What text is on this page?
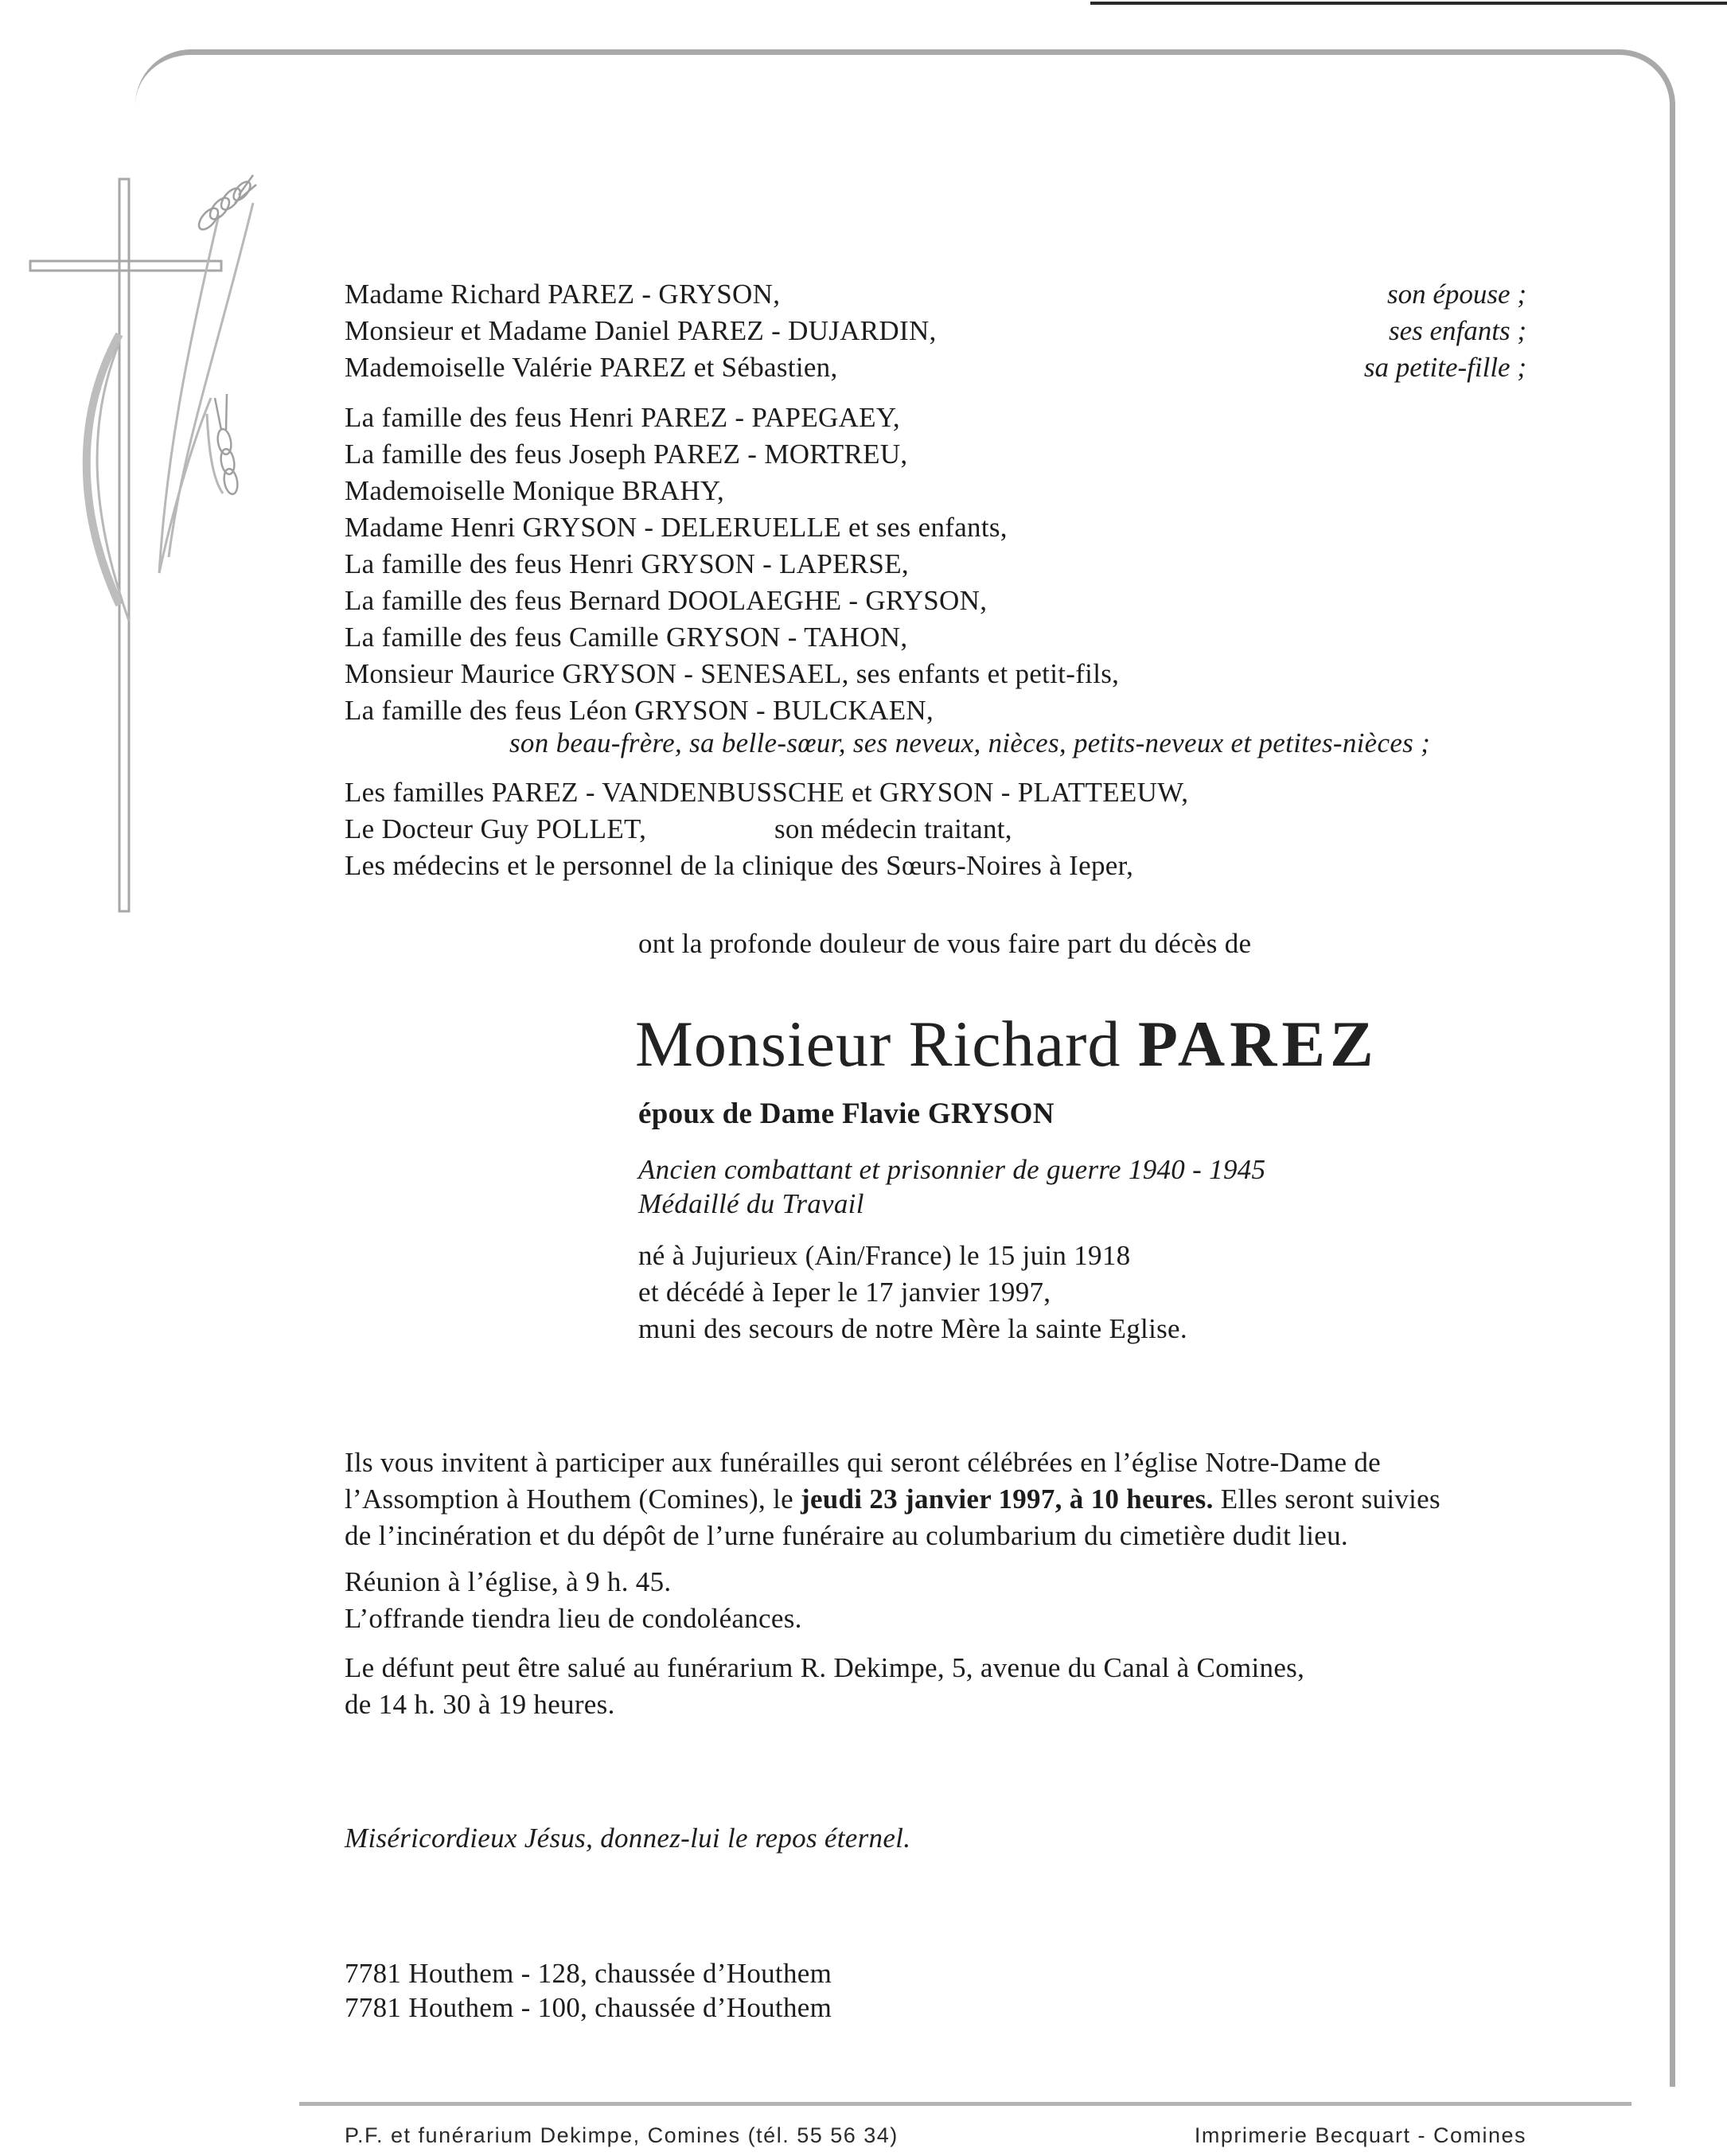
Madame Richard PAREZ - GRYSON,	son épouse ;
Monsieur et Madame Daniel PAREZ - DUJARDIN,	ses enfants ;
Mademoiselle Valérie PAREZ et Sébastien,	sa petite-fille ;
La famille des feus Henri PAREZ - PAPEGAEY,
La famille des feus Joseph PAREZ - MORTREU,
Mademoiselle Monique BRAHY,
Madame Henri GRYSON - DELERUELLE et ses enfants,
La famille des feus Henri GRYSON - LAPERSE,
La famille des feus Bernard DOOLAEGHE - GRYSON,
La famille des feus Camille GRYSON - TAHON,
Monsieur Maurice GRYSON - SENESAEL, ses enfants et petit-fils,
La famille des feus Léon GRYSON - BULCKAEN,
son beau-frère, sa belle-sœur, ses neveux, nièces, petits-neveux et petites-nièces ;
Les familles PAREZ - VANDENBUSSCHE et GRYSON - PLATTEEUW,
Le Docteur Guy POLLET,	son médecin traitant,
Les médecins et le personnel de la clinique des Sœurs-Noires à Ieper,
ont la profonde douleur de vous faire part du décès de
Monsieur Richard PAREZ
époux de Dame Flavie GRYSON
Ancien combattant et prisonnier de guerre 1940 - 1945
Médaillé du Travail
né à Jujurieux (Ain/France) le 15 juin 1918
et décédé à Ieper le 17 janvier 1997,
muni des secours de notre Mère la sainte Eglise.
Ils vous invitent à participer aux funérailles qui seront célébrées en l’église Notre-Dame de
l’Assomption à Houthem (Comines), le jeudi 23 janvier 1997, à 10 heures. Elles seront suivies
de l’incinération et du dépôt de l’urne funéraire au columbarium du cimetière dudit lieu.
Réunion à l’église, à 9 h. 45.
L’offrande tiendra lieu de condoléances.
Le défunt peut être salué au funérarium R. Dekimpe, 5, avenue du Canal à Comines,
de 14 h. 30 à 19 heures.
Miséricordieux Jésus, donnez-lui le repos éternel.
7781 Houthem - 128, chaussée d’Houthem
7781 Houthem - 100, chaussée d’Houthem
P.F. et funérarium Dekimpe, Comines (tél. 55 56 34)	Imprimerie Becquart - Comines
